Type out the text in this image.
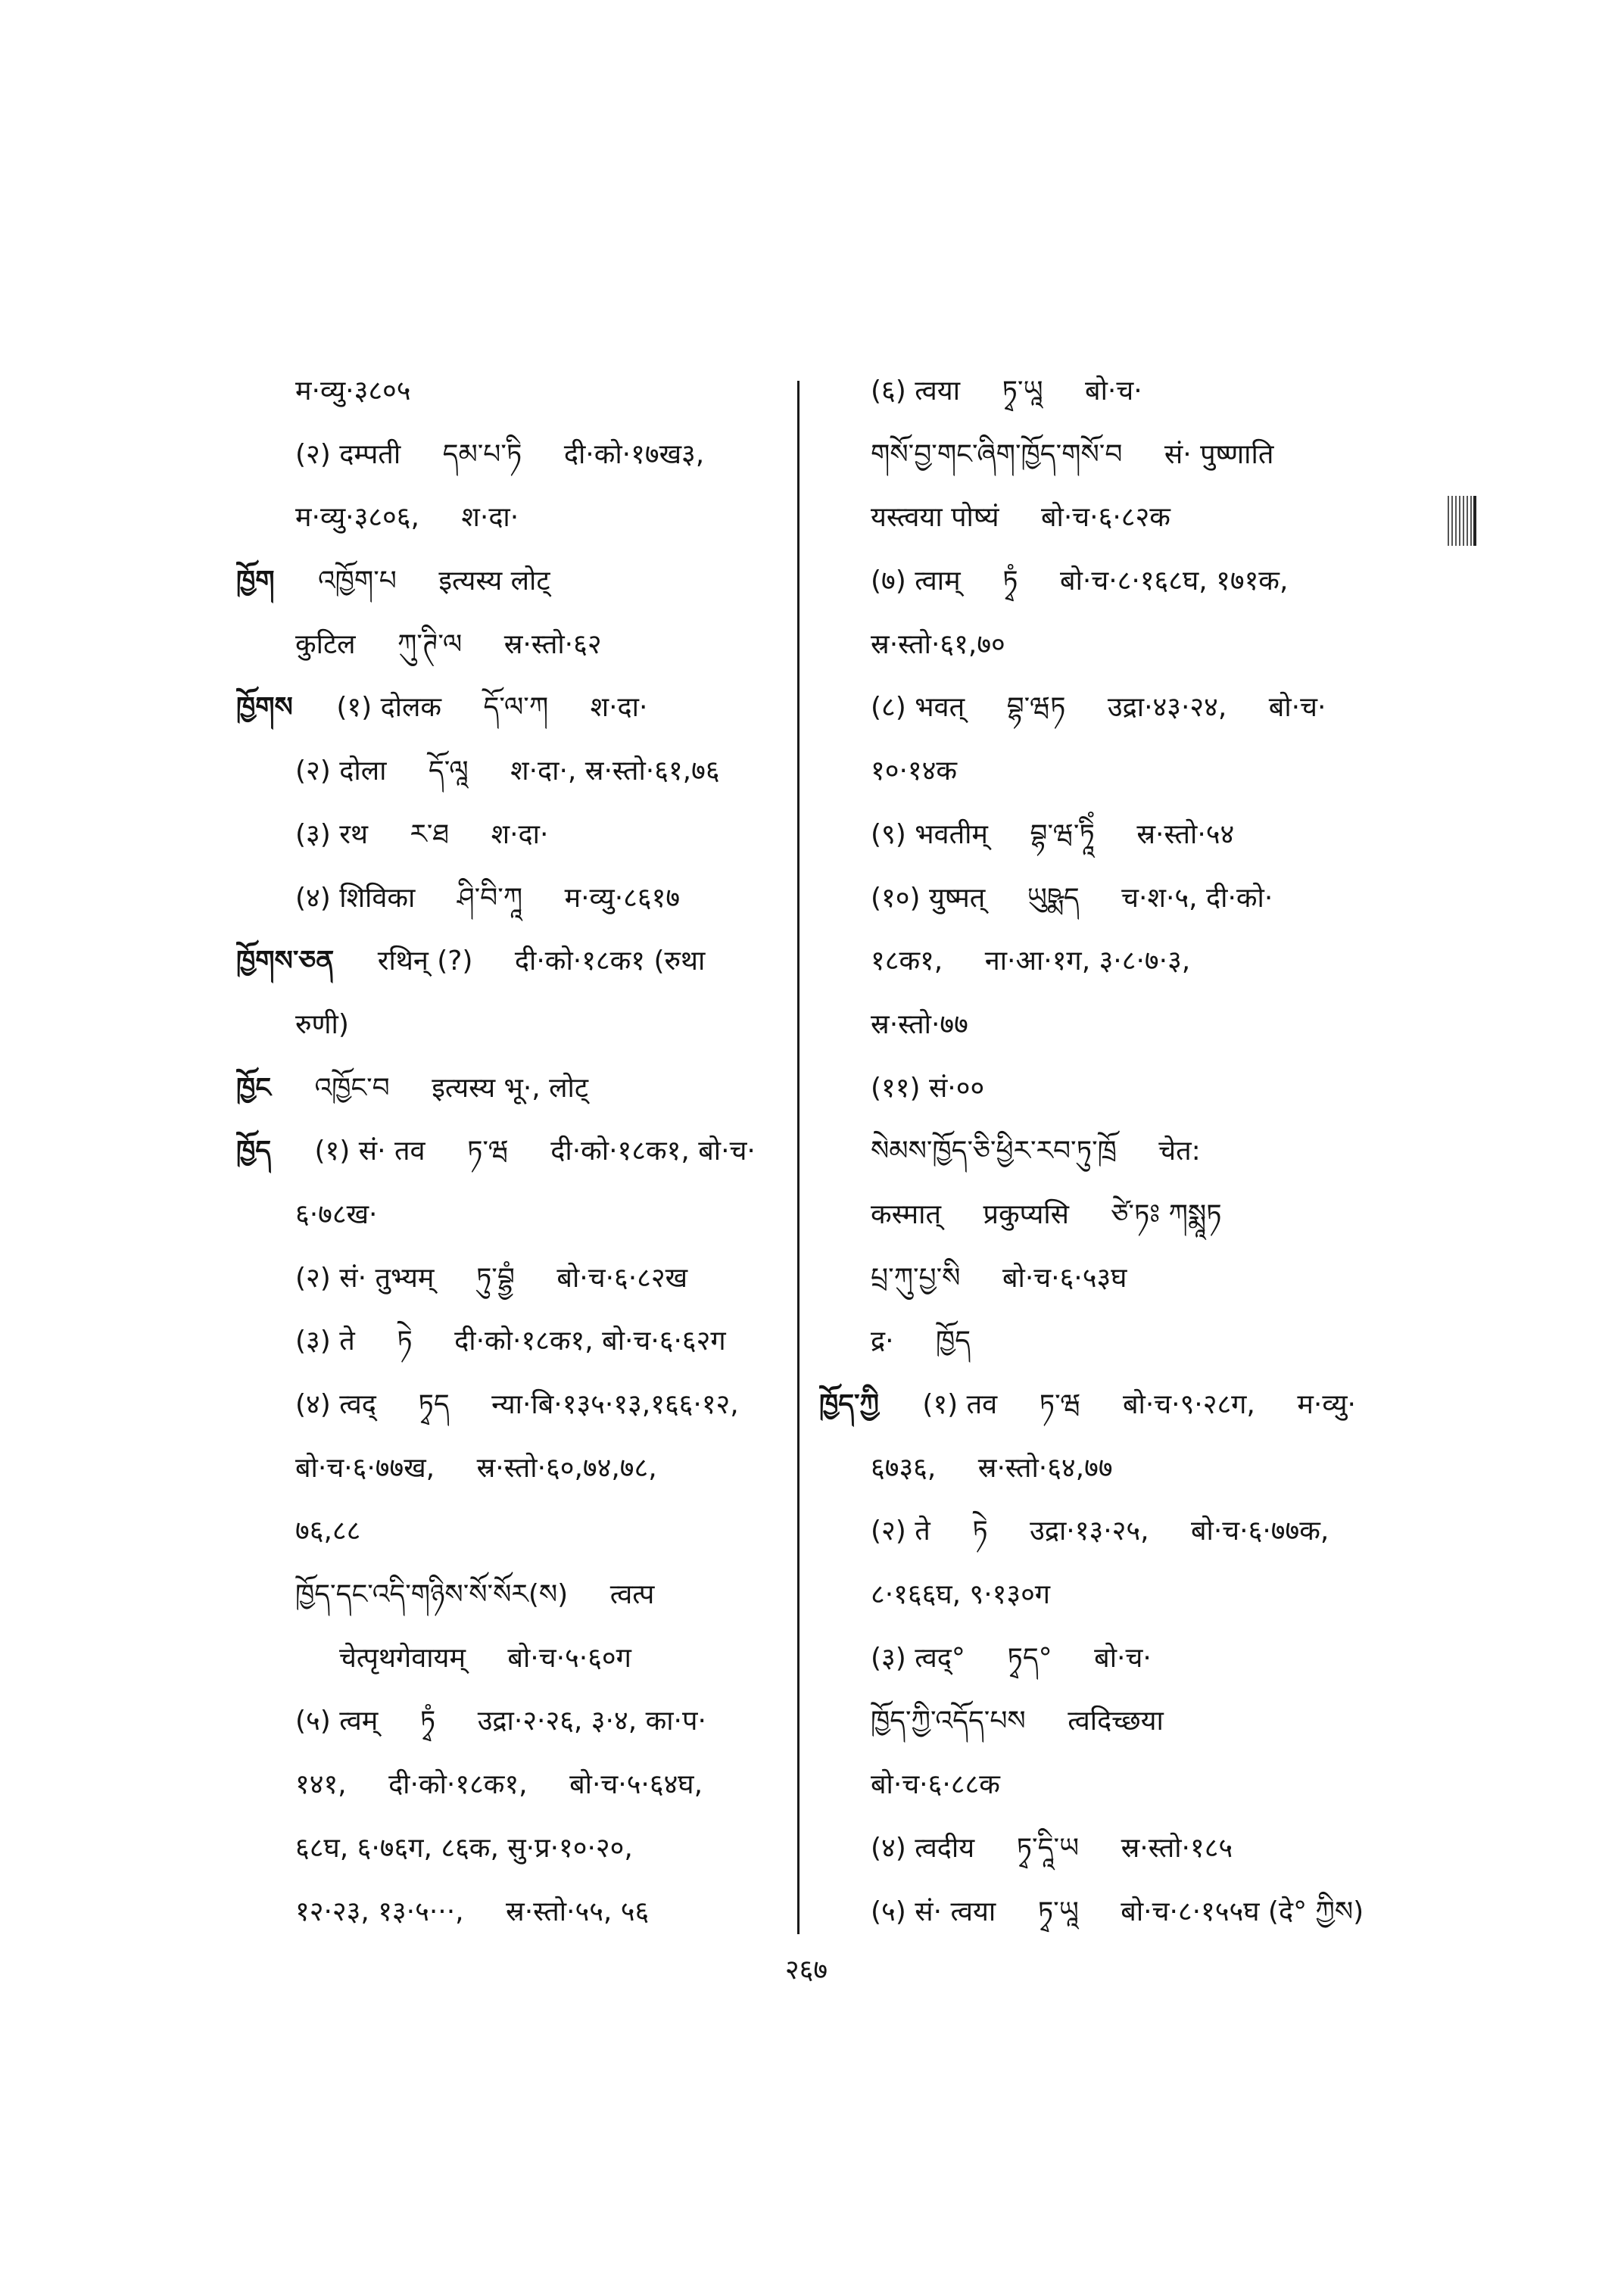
म·व्यु·३८०५
(२) दम्पती དམ་པ་ཏི दी·को·१७ख३,
म·व्यु·३८०६, श·दा·
ཁྱོག འཁྱོག་པ इत्यस्य लोट्
कुटिल ཀུ་ཊི་ལ स्र·स्तो·६२
ཁྱོགས (१) दोलक དོ་ལ་ཀ श·दा·
(२) दोला དོ་ལཱ श·दा·, स्र·स्तो·६१,७६
(३) रथ ར་ཐ श·दा·
(४) शिविका ཤི་བི་ཀཱ म·व्यु·८६१७
ཁྱོགས་ཅན रथिन् (?) दी·को·१८क१ (रुथा
रुणी)
ཁྱོང འཁྱོང་བ इत्यस्य भू·, लोट्
ཁྱོད (१) सं· तव ཏ་ཝ दी·को·१८क१, बो·च·
६·७८ख·
(२) सं· तुभ्यम् ཏུ་བྷྱཾ बो·च·६·८२ख
(३) ते ཏེ दी·को·१८क१, बो·च·६·६२ग
(४) त्वद् ཏྭད न्या·बि·१३५·१३,१६६·१२,
बो·च·६·७७ख, स्र·स्तो·६०,७४,७८,
७६,८८
ཁྱོད་དང་འདི་གཉིས་སོ་སོར(ས) त्वत्प
चेत्पृथगेवायम् बो·च·५·६०ग
(५) त्वम् ཏྭཾ उद्रा·२·२६, ३·४, का·प·
१४१, दी·को·१८क१, बो·च·५·६४घ,
६८घ, ६·७६ग, ८६क, सु·प्र·१०·२०,
१२·२३, १३·५···, स्र·स्तो·५५, ५६
(६) त्वया ཏྭ་ཡཱ बो·च·
གསོ་བྱ་གང་ཞིག་ཁྱོད་གསོ་བ सं· पुष्णाति
यस्त्वया पोष्यं बो·च·६·८२क
(७) त्वाम् ཏྭཾ बो·च·८·१६८घ, १७१क,
स्र·स्तो·६१,७०
(८) भवत् བྷ་ཝཏ उद्रा·४३·२४, बो·च·
१०·१४क
(९) भवतीम् བྷ་ཝ་ཏཱིཾ स्र·स्तो·५४
(१०) युष्मत् ཡུཥྨད च·श·५, दी·को·
१८क१, ना·आ·१ग, ३·८·७·३,
स्र·स्तो·७७
(११) सं·००
སེམས་ཁྱོད་ཅི་ཕྱིར་རབ་ཏུ་ཁྲོ चेत:
कस्मात् प्रकुप्यसि ཙེ་ཏཿ ཀསྨཱཏ
པྲ་ཀུ་པྱ་སི बो·च·६·५३घ
द्र· ཁྱོད
ཁྱོད་ཀྱི (१) तव ཏ་ཝ बो·च·९·२८ग, म·व्यु·
६७३६, स्र·स्तो·६४,७७
(२) ते ཏེ उद्रा·१३·२५, बो·च·६·७७क,
८·१६६घ, ९·१३०ग
(३) त्वद्° ཏྭད° बो·च·
ཁྱོད་ཀྱི་འདོད་པས त्वदिच्छया
बो·च·६·८८क
(४) त्वदीय ཏྭ་དཱི་ཡ स्र·स्तो·१८५
(५) सं· त्वया ཏྭ་ཡཱ बो·च·८·१५५घ (दे° ཀྱིས)
२६७
